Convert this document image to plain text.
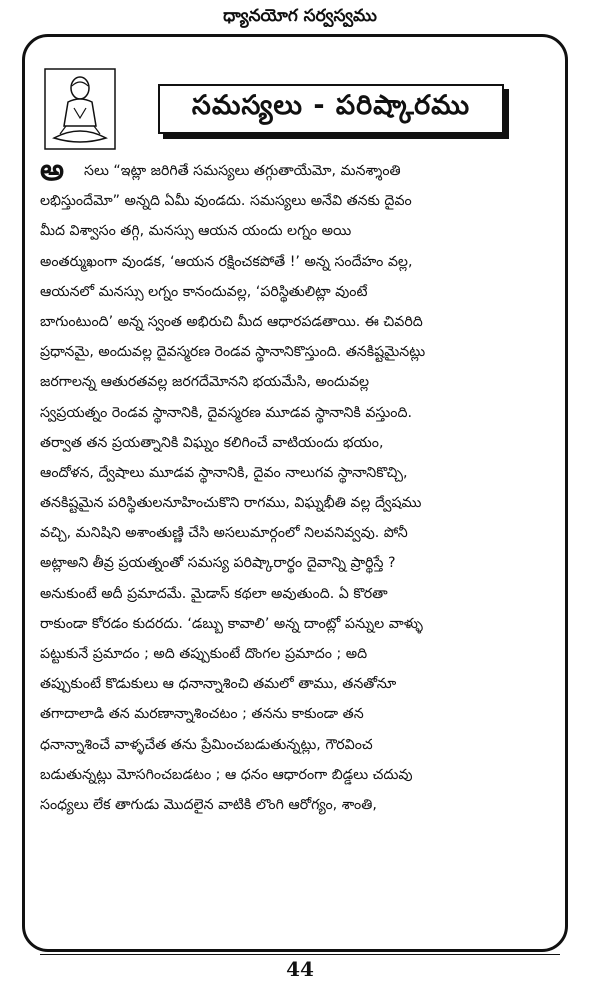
ధ్యానయోగ సర్వస్వము
సమస్యలు - పరిష్కారము
అ	సలు “ఇట్లా జరిగితే సమస్యలు తగ్గుతాయేమో, మనశ్శాంతి
లభిస్తుందేమో” అన్నది ఏమీ వుండదు. సమస్యలు అనేవి తనకు దైవం
మీద విశ్వాసం తగ్గి, మనస్సు ఆయన యందు లగ్నం అయి
అంతర్ముఖంగా వుండక, ‘ఆయన రక్షించకపోతే !’ అన్న సందేహం వల్ల,
ఆయనలో మనస్సు లగ్నం కానందువల్ల, ‘పరిస్థితులిట్లా వుంటే
బాగుంటుంది’ అన్న స్వంత అభిరుచి మీద ఆధారపడతాయి. ఈ చివరిది
ప్రధానమై, అందువల్ల దైవస్మరణ రెండవ స్థానానికొస్తుంది. తనకిష్టమైనట్లు
జరగాలన్న ఆతురతవల్ల జరగదేమోనని భయమేసి, అందువల్ల
స్వప్రయత్నం రెండవ స్థానానికి, దైవస్మరణ మూడవ స్థానానికి వస్తుంది.
తర్వాత తన ప్రయత్నానికి విఘ్నం కలిగించే వాటియందు భయం,
ఆందోళన, ద్వేషాలు మూడవ స్థానానికి, దైవం నాలుగవ స్థానానికొచ్చి,
తనకిష్టమైన పరిస్థితులనూహించుకొని రాగము, విఘ్నభీతి వల్ల ద్వేషము
వచ్చి, మనిషిని అశాంతుణ్ణి చేసి అసలుమార్గంలో నిలవనివ్వవు. పోనీ
అట్లాఅని తీవ్ర ప్రయత్నంతో సమస్య పరిష్కారార్థం దైవాన్ని ప్రార్థిస్తే ?
అనుకుంటే అదీ ప్రమాదమే. మైడాస్ కథలా అవుతుంది. ఏ కొరతా
రాకుండా కోరడం కుదరదు. ‘డబ్బు కావాలి’ అన్న దాంట్లో పన్నుల వాళ్ళు
పట్టుకునే ప్రమాదం ; అది తప్పుకుంటే దొంగల ప్రమాదం ; అది
తప్పుకుంటే కొడుకులు ఆ ధనాన్నాశించి తమలో తాము, తనతోనూ
తగాదాలాడి తన మరణాన్నాశించటం ; తనను కాకుండా తన
ధనాన్నాశించే వాళ్ళచేత తను ప్రేమించబడుతున్నట్లు, గౌరవించ
బడుతున్నట్లు మోసగించబడటం ; ఆ ధనం ఆధారంగా బిడ్డలు చదువు
సంధ్యలు లేక తాగుడు మొదలైన వాటికి లొంగి ఆరోగ్యం, శాంతి,
44
